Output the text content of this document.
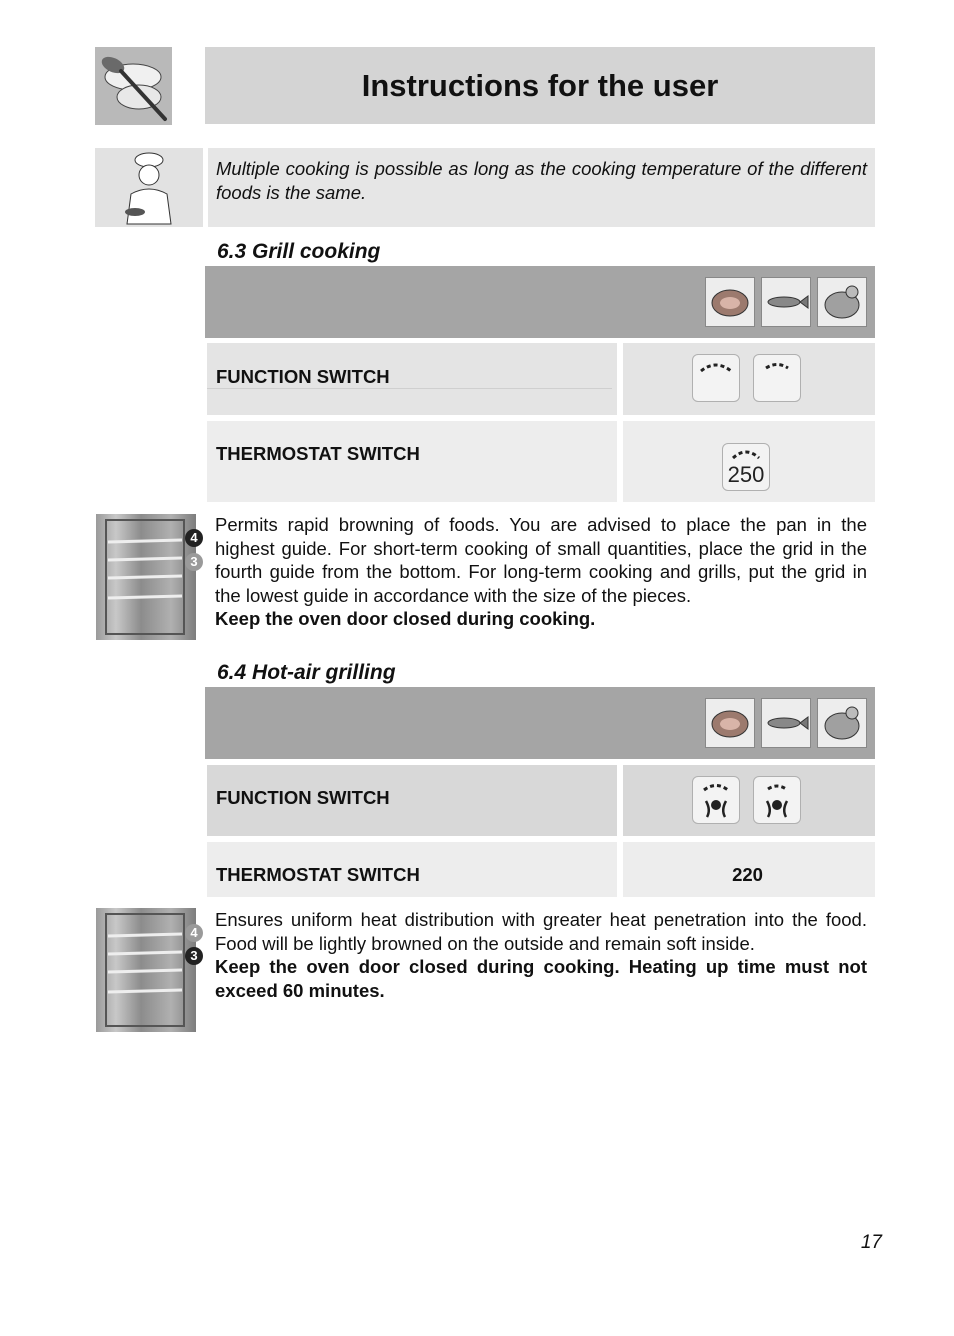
Instructions for the user
Multiple cooking is possible as long as the cooking temperature of the different foods is the same.
6.3 Grill cooking
FUNCTION SWITCH
THERMOSTAT SWITCH
250
4
3
Permits rapid browning of foods. You are advised to place the pan in the highest guide. For short-term cooking of small quantities, place the grid in the fourth guide from the bottom. For long-term cooking and grills, put the grid in the lowest guide in accordance with the size of the pieces.
Keep the oven door closed during cooking.
6.4 Hot-air grilling
FUNCTION SWITCH
THERMOSTAT SWITCH	220
4
3
Ensures uniform heat distribution with greater heat penetration into the food. Food will be lightly browned on the outside and remain soft inside.
Keep the oven door closed during cooking. Heating up time must not exceed 60 minutes.
17
